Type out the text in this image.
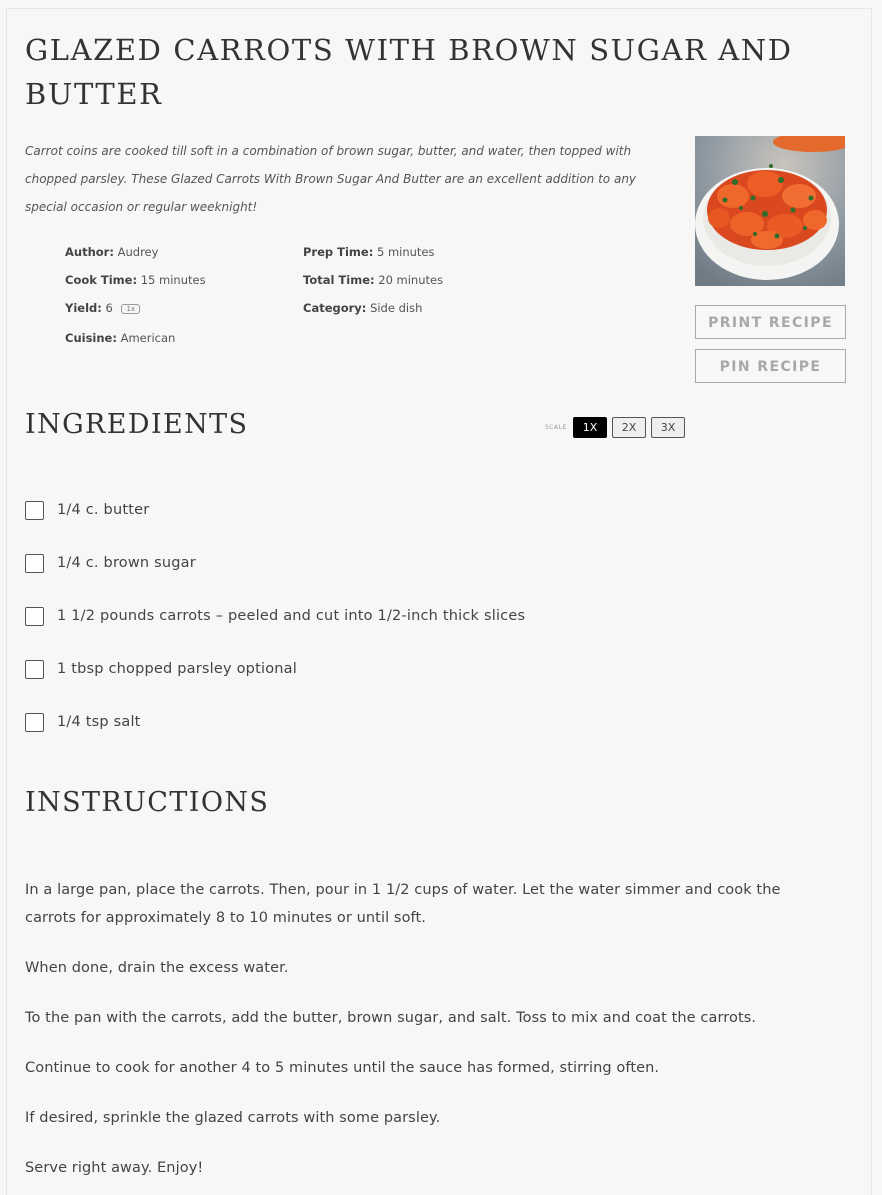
GLAZED CARROTS WITH BROWN SUGAR AND BUTTER

Carrot coins are cooked till soft in a combination of brown sugar, butter, and water, then topped with chopped parsley. These Glazed Carrots With Brown Sugar And Butter are an excellent addition to any special occasion or regular weeknight!

Author: Audrey	Prep Time: 5 minutes
Cook Time: 15 minutes	Total Time: 20 minutes
Yield: 6 1x	Category: Side dish
Cuisine: American
PRINT RECIPE
PIN RECIPE
INGREDIENTS	SCALE	1X	2X	3X
1/4 c. butter
1/4 c. brown sugar
1 1/2 pounds carrots – peeled and cut into 1/2-inch thick slices
1 tbsp chopped parsley optional
1/4 tsp salt
INSTRUCTIONS

In a large pan, place the carrots. Then, pour in 1 1/2 cups of water. Let the water simmer and cook the carrots for approximately 8 to 10 minutes or until soft.

When done, drain the excess water.

To the pan with the carrots, add the butter, brown sugar, and salt. Toss to mix and coat the carrots.

Continue to cook for another 4 to 5 minutes until the sauce has formed, stirring often.

If desired, sprinkle the glazed carrots with some parsley.

Serve right away. Enjoy!
